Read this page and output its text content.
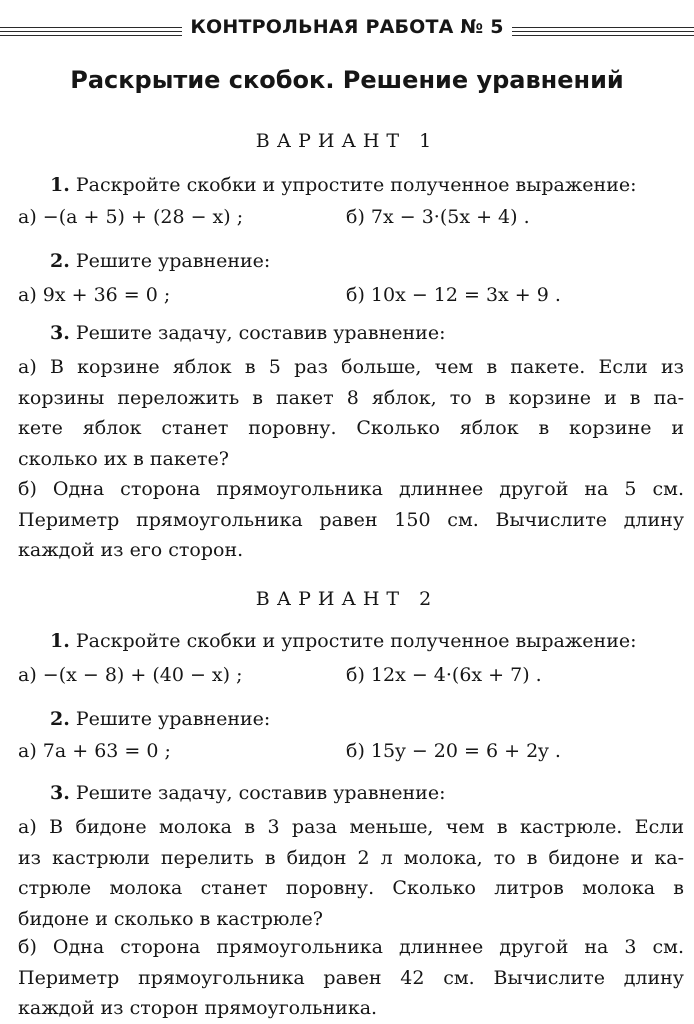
КОНТРОЛЬНАЯ РАБОТА № 5
Раскрытие скобок. Решение уравнений
ВАРИАНТ 1
1. Раскройте скобки и упростите полученное выражение:
а) −(a + 5) + (28 − x) ;	б) 7x − 3·(5x + 4) .
2. Решите уравнение:
а) 9x + 36 = 0 ;	б) 10x − 12 = 3x + 9 .
3. Решите задачу, составив уравнение:
а) В корзине яблок в 5 раз больше, чем в пакете. Если из
корзины переложить в пакет 8 яблок, то в корзине и в па-
кете яблок станет поровну. Сколько яблок в корзине и
сколько их в пакете?
б) Одна сторона прямоугольника длиннее другой на 5 см.
Периметр прямоугольника равен 150 см. Вычислите длину
каждой из его сторон.
ВАРИАНТ 2
1. Раскройте скобки и упростите полученное выражение:
а) −(x − 8) + (40 − x) ;	б) 12x − 4·(6x + 7) .
2. Решите уравнение:
а) 7a + 63 = 0 ;	б) 15y − 20 = 6 + 2y .
3. Решите задачу, составив уравнение:
а) В бидоне молока в 3 раза меньше, чем в кастрюле. Если
из кастрюли перелить в бидон 2 л молока, то в бидоне и ка-
стрюле молока станет поровну. Сколько литров молока в
бидоне и сколько в кастрюле?
б) Одна сторона прямоугольника длиннее другой на 3 см.
Периметр прямоугольника равен 42 см. Вычислите длину
каждой из сторон прямоугольника.
